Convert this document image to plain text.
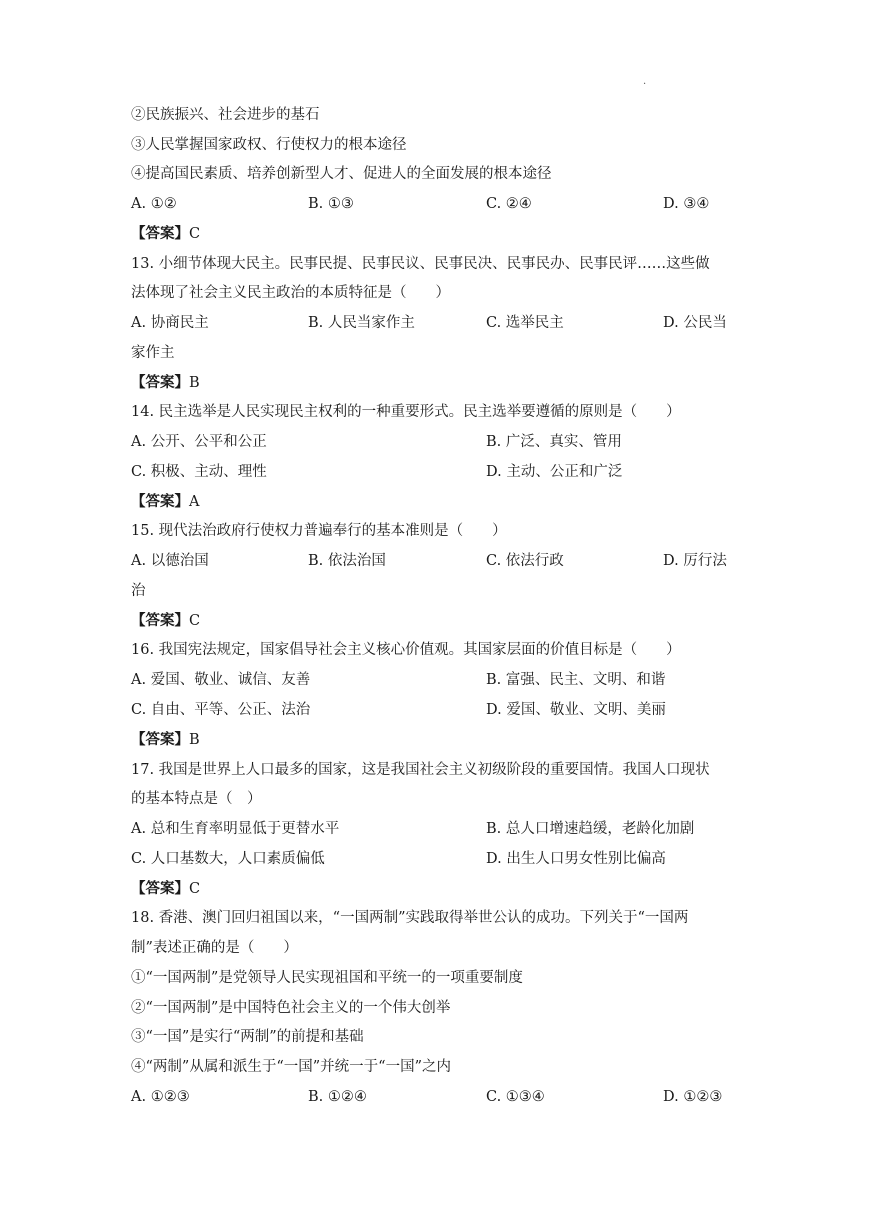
.
②民族振兴、社会进步的基石
③人民掌握国家政权、行使权力的根本途径
④提高国民素质、培养创新型人才、促进人的全面发展的根本途径
A. ①②	B. ①③	C. ②④	D. ③④
【答案】C
13. 小细节体现大民主。民事民提、民事民议、民事民决、民事民办、民事民评……这些做
法体现了社会主义民主政治的本质特征是（　　）
A. 协商民主	B. 人民当家作主	C. 选举民主	D. 公民当
家作主
【答案】B
14. 民主选举是人民实现民主权利的一种重要形式。民主选举要遵循的原则是（　　）
A. 公开、公平和公正	B. 广泛、真实、管用
C. 积极、主动、理性	D. 主动、公正和广泛
【答案】A
15. 现代法治政府行使权力普遍奉行的基本准则是（　　）
A. 以德治国	B. 依法治国	C. 依法行政	D. 厉行法
治
【答案】C
16. 我国宪法规定，国家倡导社会主义核心价值观。其国家层面的价值目标是（　　）
A. 爱国、敬业、诚信、友善	B. 富强、民主、文明、和谐
C. 自由、平等、公正、法治	D. 爱国、敬业、文明、美丽
【答案】B
17. 我国是世界上人口最多的国家，这是我国社会主义初级阶段的重要国情。我国人口现状
的基本特点是（　）
A. 总和生育率明显低于更替水平	B. 总人口增速趋缓，老龄化加剧
C. 人口基数大，人口素质偏低	D. 出生人口男女性别比偏高
【答案】C
18. 香港、澳门回归祖国以来，“一国两制”实践取得举世公认的成功。下列关于“一国两
制”表述正确的是（　　）
①“一国两制”是党领导人民实现祖国和平统一的一项重要制度
②“一国两制”是中国特色社会主义的一个伟大创举
③“一国”是实行“两制”的前提和基础
④“两制”从属和派生于“一国”并统一于“一国”之内
A. ①②③	B. ①②④	C. ①③④	D. ①②③
